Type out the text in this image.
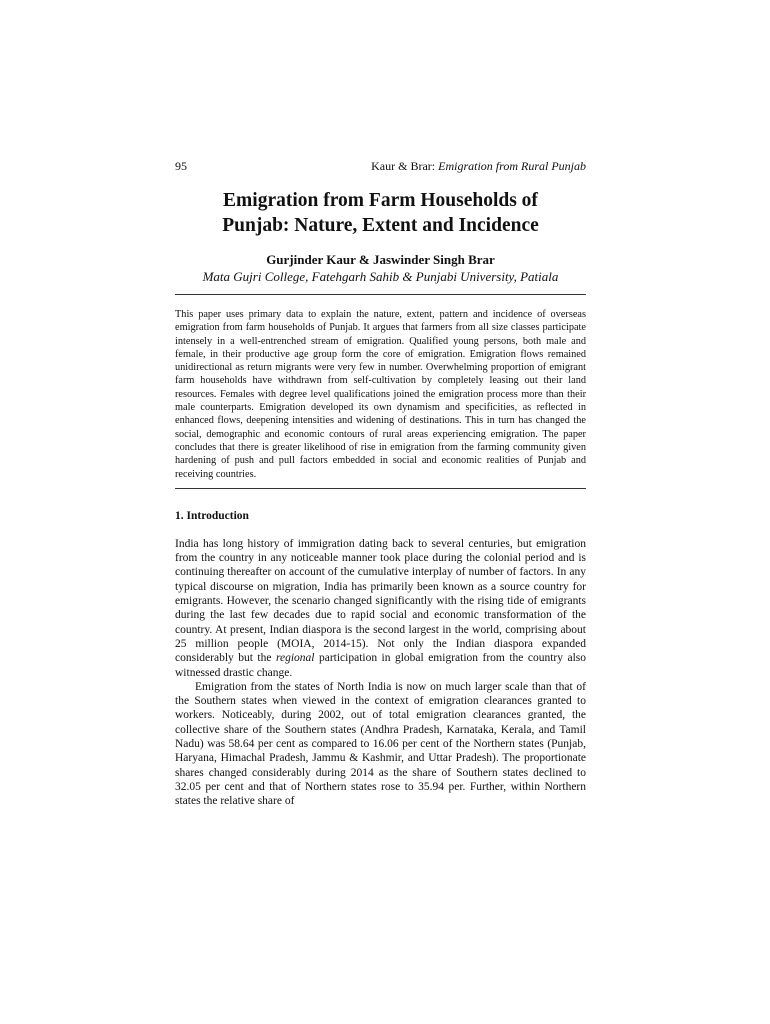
95	Kaur & Brar: Emigration from Rural Punjab
Emigration from Farm Households of
Punjab: Nature, Extent and Incidence
Gurjinder Kaur & Jaswinder Singh Brar
Mata Gujri College, Fatehgarh Sahib & Punjabi University, Patiala
This paper uses primary data to explain the nature, extent, pattern and incidence of overseas emigration from farm households of Punjab. It argues that farmers from all size classes participate intensely in a well-entrenched stream of emigration. Qualified young persons, both male and female, in their productive age group form the core of emigration. Emigration flows remained unidirectional as return migrants were very few in number. Overwhelming proportion of emigrant farm households have withdrawn from self-cultivation by completely leasing out their land resources. Females with degree level qualifications joined the emigration process more than their male counterparts. Emigration developed its own dynamism and specificities, as reflected in enhanced flows, deepening intensities and widening of destinations. This in turn has changed the social, demographic and economic contours of rural areas experiencing emigration. The paper concludes that there is greater likelihood of rise in emigration from the farming community given hardening of push and pull factors embedded in social and economic realities of Punjab and receiving countries.
1. Introduction

India has long history of immigration dating back to several centuries, but emigration from the country in any noticeable manner took place during the colonial period and is continuing thereafter on account of the cumulative interplay of number of factors. In any typical discourse on migration, India has primarily been known as a source country for emigrants. However, the scenario changed significantly with the rising tide of emigrants during the last few decades due to rapid social and economic transformation of the country. At present, Indian diaspora is the second largest in the world, comprising about 25 million people (MOIA, 2014-15). Not only the Indian diaspora expanded considerably but the regional participation in global emigration from the country also witnessed drastic change.

Emigration from the states of North India is now on much larger scale than that of the Southern states when viewed in the context of emigration clearances granted to workers. Noticeably, during 2002, out of total emigration clearances granted, the collective share of the Southern states (Andhra Pradesh, Karnataka, Kerala, and Tamil Nadu) was 58.64 per cent as compared to 16.06 per cent of the Northern states (Punjab, Haryana, Himachal Pradesh, Jammu & Kashmir, and Uttar Pradesh). The proportionate shares changed considerably during 2014 as the share of Southern states declined to 32.05 per cent and that of Northern states rose to 35.94 per. Further, within Northern states the relative share of
